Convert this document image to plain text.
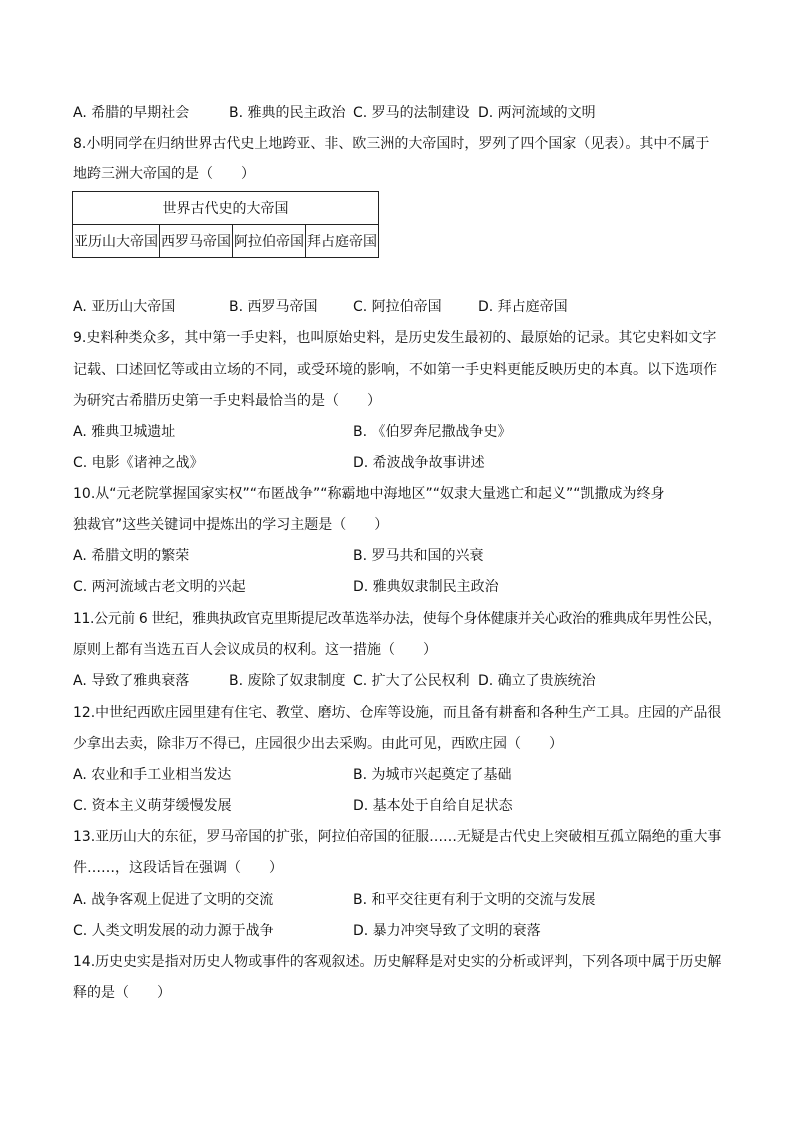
A. 希腊的早期社会	B. 雅典的民主政治 C. 罗马的法制建设 D. 两河流域的文明
8.小明同学在归纳世界古代史上地跨亚、非、欧三洲的大帝国时，罗列了四个国家（见表）。其中不属于
地跨三洲大帝国的是（　　）
世界古代史的大帝国
亚历山大帝国	西罗马帝国	阿拉伯帝国	拜占庭帝国
A. 亚历山大帝国	B. 西罗马帝国	C. 阿拉伯帝国	D. 拜占庭帝国
9.史料种类众多，其中第一手史料，也叫原始史料，是历史发生最初的、最原始的记录。其它史料如文字
记载、口述回忆等或由立场的不同，或受环境的影响，不如第一手史料更能反映历史的本真。以下选项作
为研究古希腊历史第一手史料最恰当的是（　　）
A. 雅典卫城遗址	B. 《伯罗奔尼撒战争史》
C. 电影《诸神之战》	D. 希波战争故事讲述
10.从“元老院掌握国家实权”“布匿战争”“称霸地中海地区”“奴隶大量逃亡和起义”“凯撒成为终身
独裁官”这些关键词中提炼出的学习主题是（　　）
A. 希腊文明的繁荣	B. 罗马共和国的兴衰
C. 两河流域古老文明的兴起	D. 雅典奴隶制民主政治
11.公元前 6 世纪，雅典执政官克里斯提尼改革选举办法，使每个身体健康并关心政治的雅典成年男性公民，
原则上都有当选五百人会议成员的权利。这一措施（　　）
A. 导致了雅典衰落	B. 废除了奴隶制度 C. 扩大了公民权利 D. 确立了贵族统治
12.中世纪西欧庄园里建有住宅、教堂、磨坊、仓库等设施，而且备有耕畜和各种生产工具。庄园的产品很
少拿出去卖，除非万不得已，庄园很少出去采购。由此可见，西欧庄园（　　）
A. 农业和手工业相当发达	B. 为城市兴起奠定了基础
C. 资本主义萌芽缓慢发展	D. 基本处于自给自足状态
13.亚历山大的东征，罗马帝国的扩张，阿拉伯帝国的征服……无疑是古代史上突破相互孤立隔绝的重大事
件……，这段话旨在强调（　　）
A. 战争客观上促进了文明的交流	B. 和平交往更有利于文明的交流与发展
C. 人类文明发展的动力源于战争	D. 暴力冲突导致了文明的衰落
14.历史史实是指对历史人物或事件的客观叙述。历史解释是对史实的分析或评判，下列各项中属于历史解
释的是（　　）
